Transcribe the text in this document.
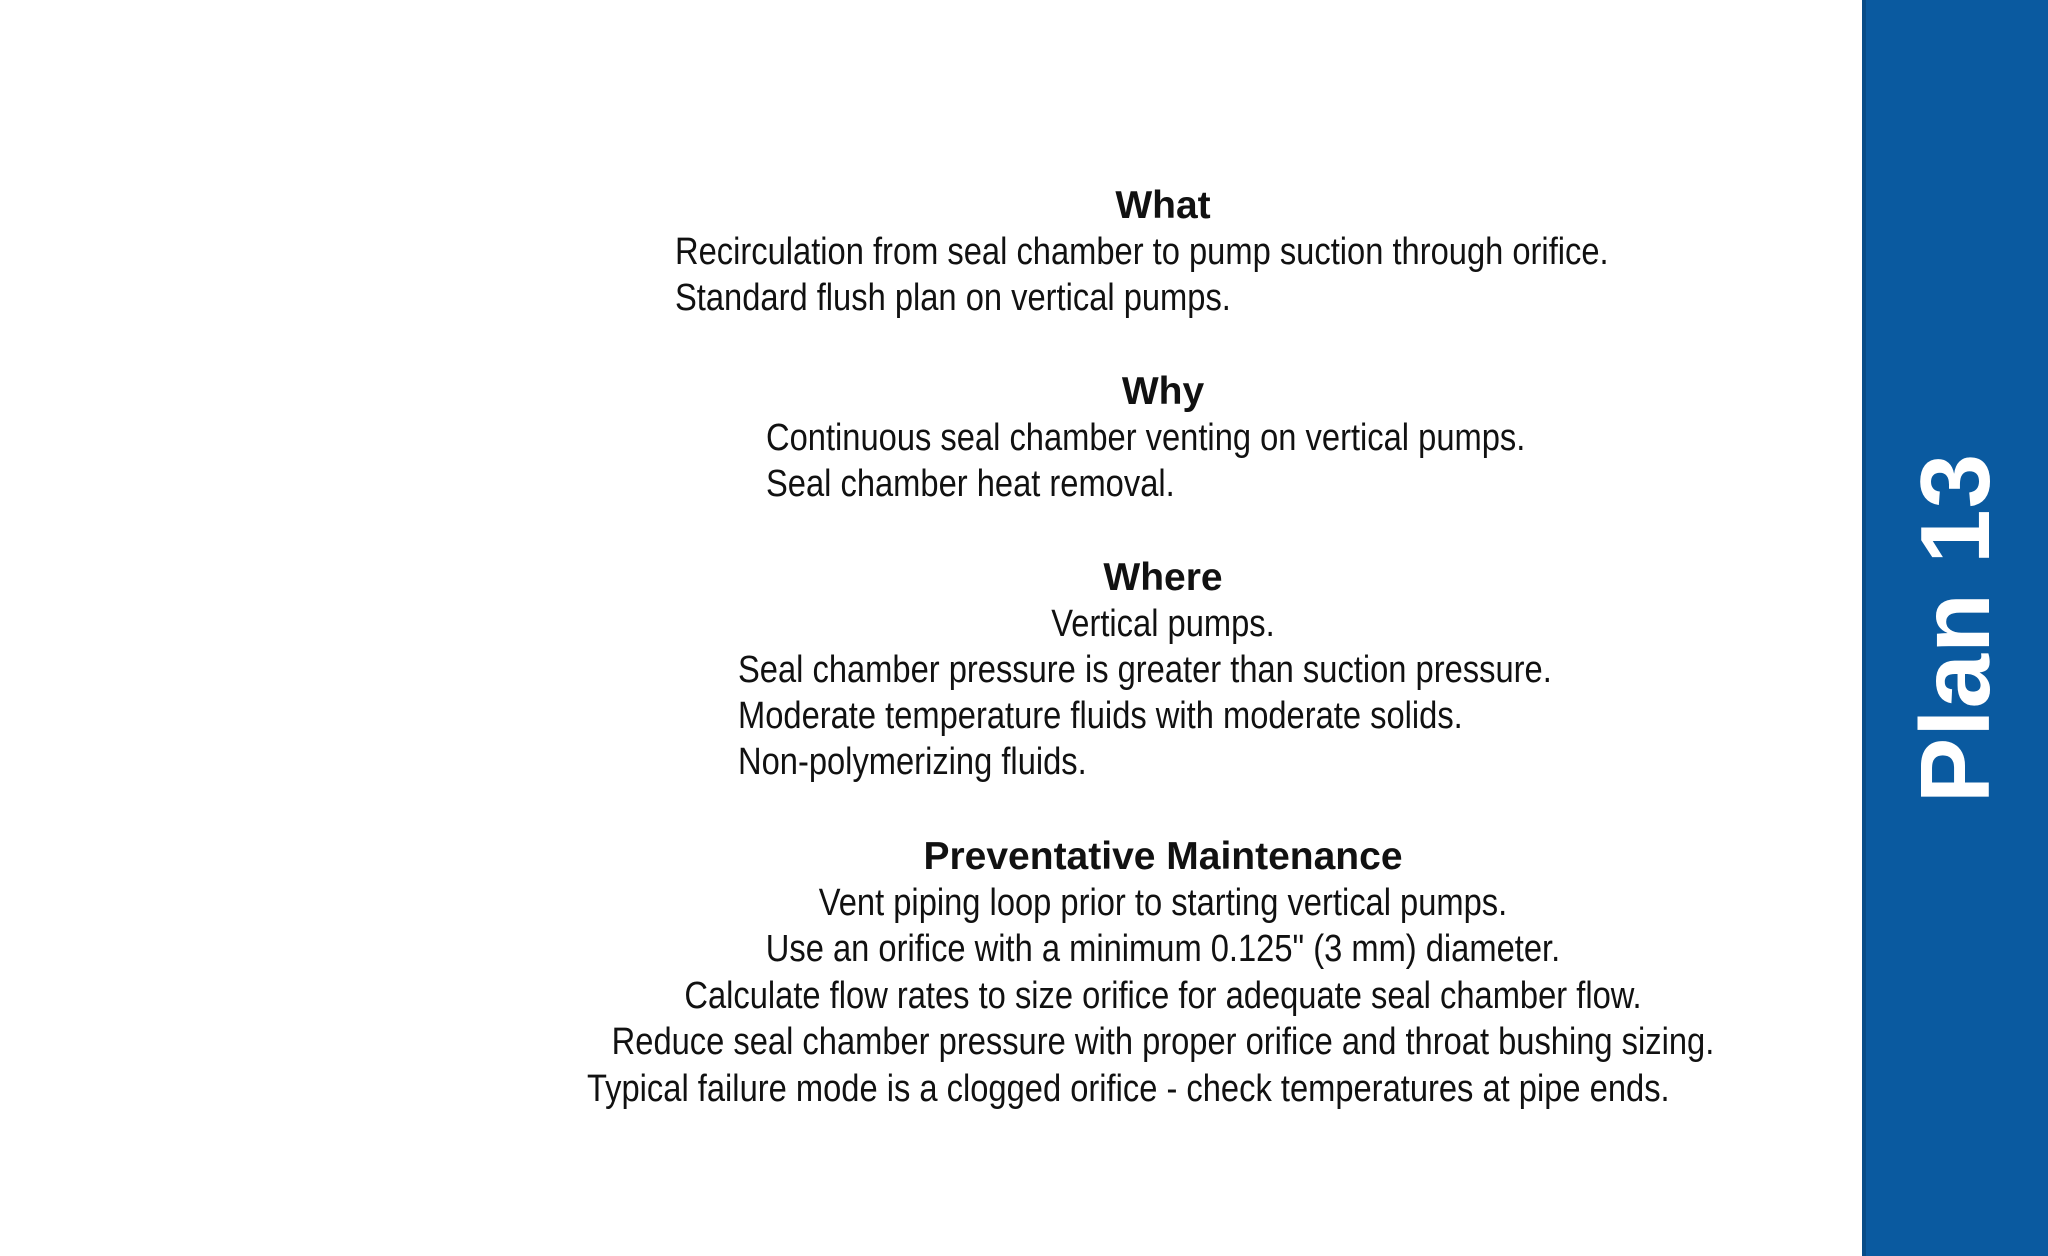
What
Recirculation from seal chamber to pump suction through orifice.
Standard flush plan on vertical pumps.
Why
Continuous seal chamber venting on vertical pumps.
Seal chamber heat removal.
Where
Vertical pumps.
Seal chamber pressure is greater than suction pressure.
Moderate temperature fluids with moderate solids.
Non-polymerizing fluids.
Preventative Maintenance
Vent piping loop prior to starting vertical pumps.
Use an orifice with a minimum 0.125" (3 mm) diameter.
Calculate flow rates to size orifice for adequate seal chamber flow.
Reduce seal chamber pressure with proper orifice and throat bushing sizing.
Typical failure mode is a clogged orifice - check temperatures at pipe ends.
Plan 13
